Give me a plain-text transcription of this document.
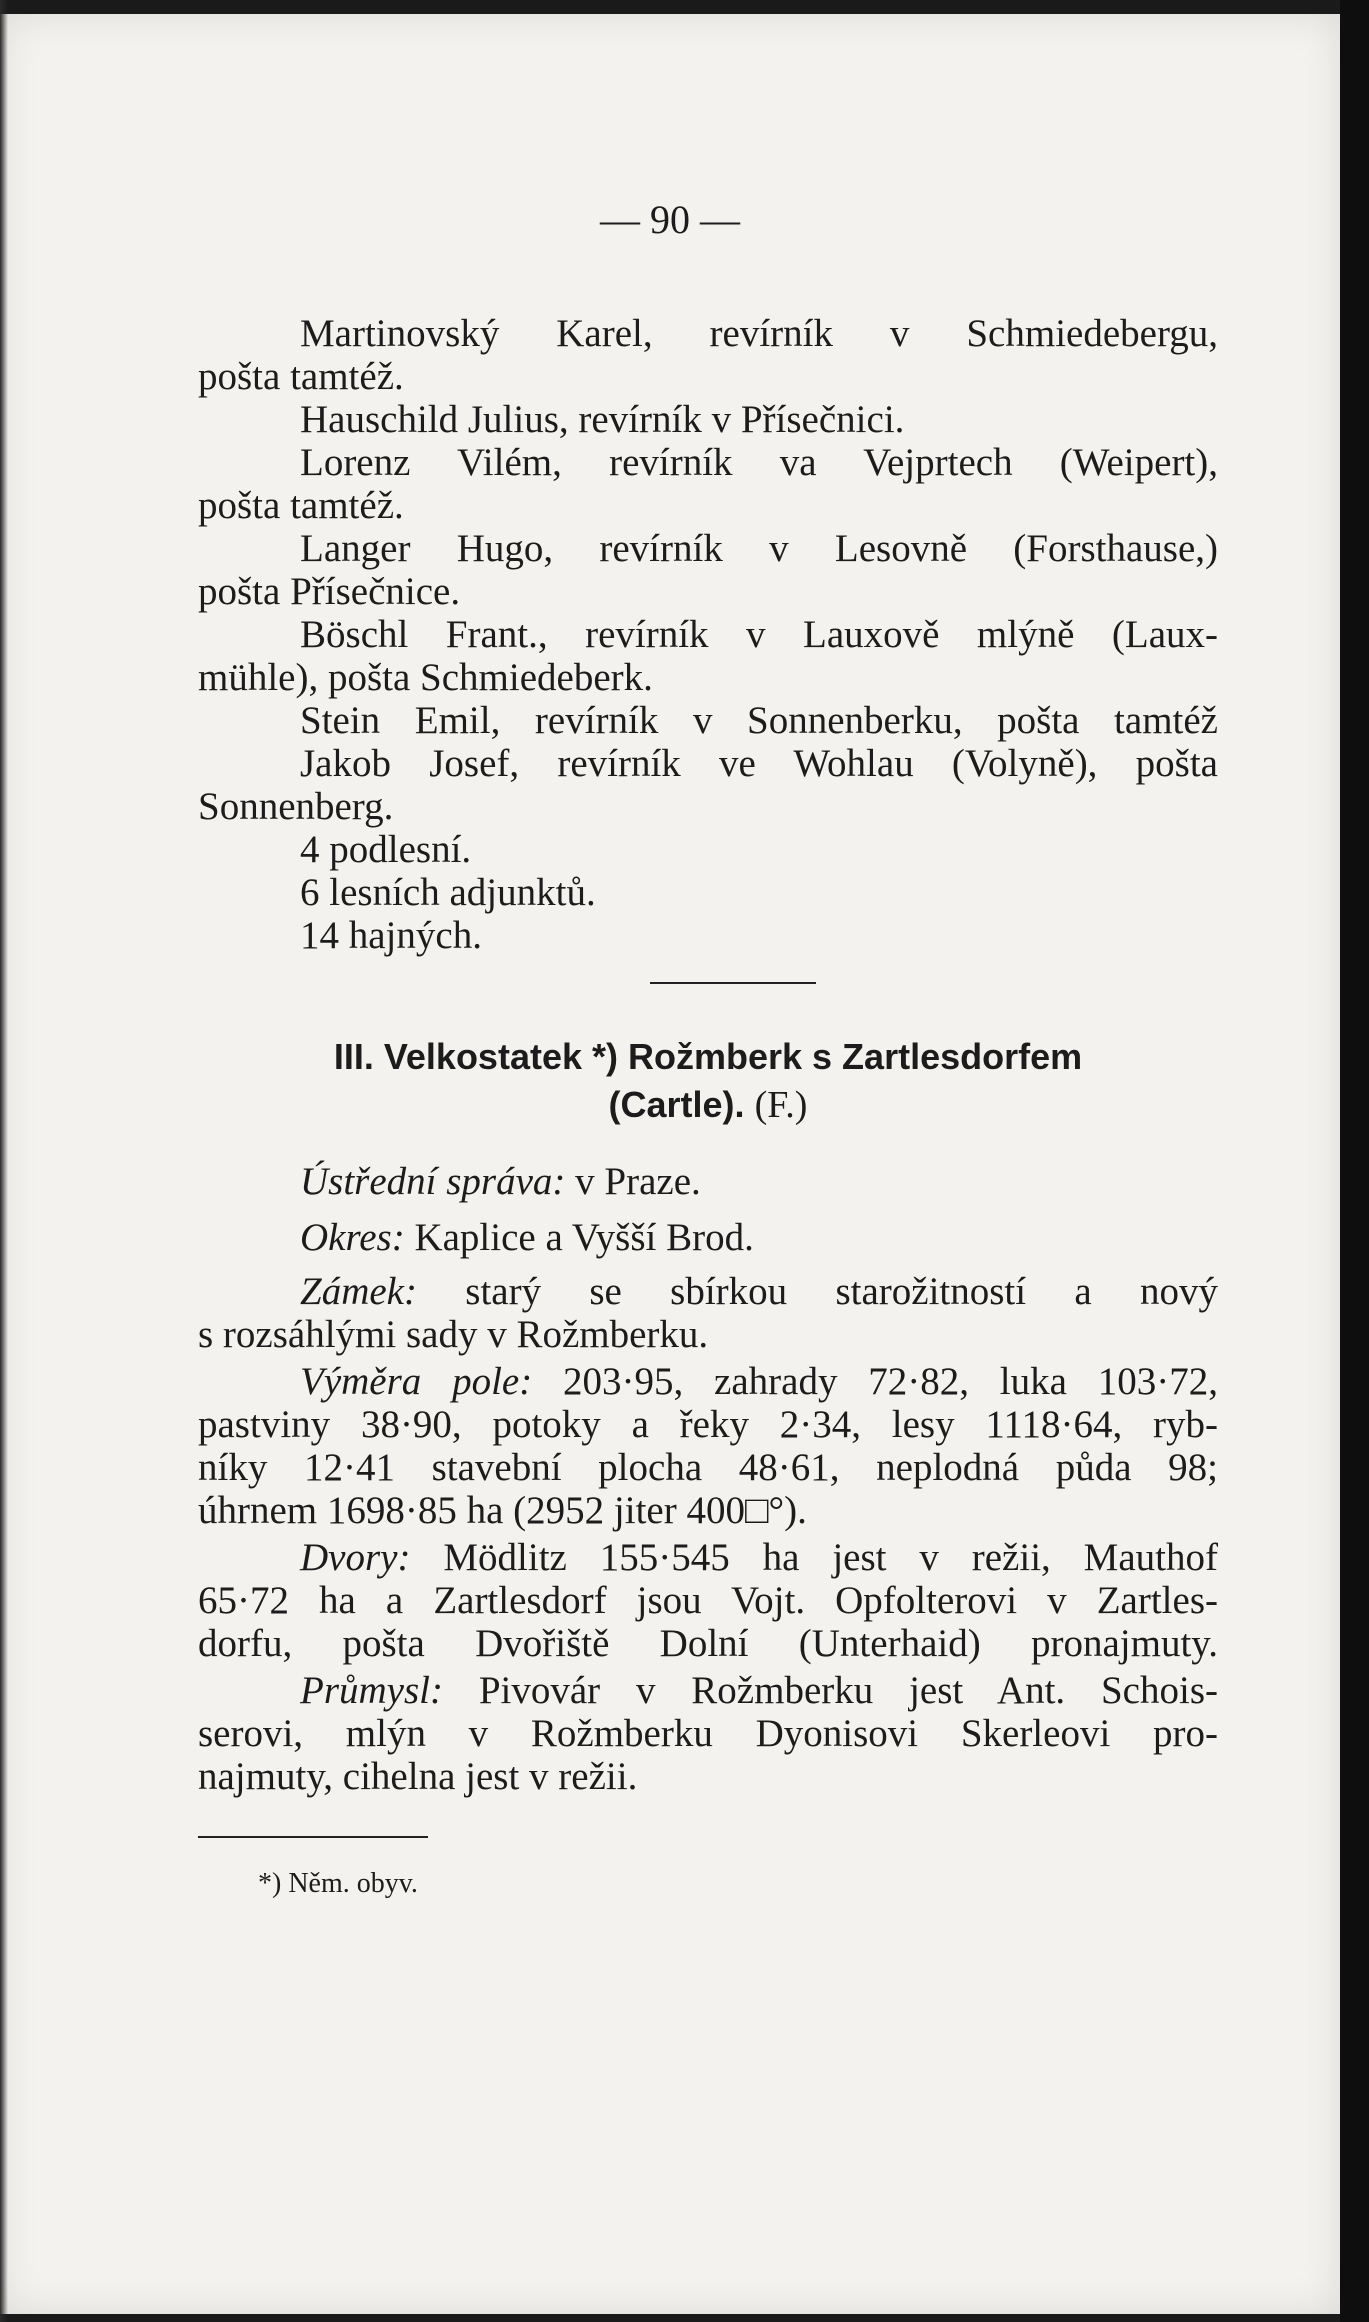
— 90 —
Martinovský Karel, revírník v Schmiedebergu,
pošta tamtéž.
Hauschild Julius, revírník v Přísečnici.
Lorenz Vilém, revírník va Vejprtech (Weipert),
pošta tamtéž.
Langer Hugo, revírník v Lesovně (Forsthause,)
pošta Přísečnice.
Böschl Frant., revírník v Lauxově mlýně (Laux-
mühle), pošta Schmiedeberk.
Stein Emil, revírník v Sonnenberku, pošta tamtéž
Jakob Josef, revírník ve Wohlau (Volyně), pošta
Sonnenberg.
4 podlesní.
6 lesních adjunktů.
14 hajných.
III. Velkostatek *) Rožmberk s Zartlesdorfem
(Cartle). (F.)
Ústřední správa: v Praze.
Okres: Kaplice a Vyšší Brod.
Zámek: starý se sbírkou starožitností a nový
s rozsáhlými sady v Rožmberku.
Výměra pole: 203·95, zahrady 72·82, luka 103·72,
pastviny 38·90, potoky a řeky 2·34, lesy 1118·64, ryb-
níky 12·41 stavební plocha 48·61, neplodná půda 98;
úhrnem 1698·85 ha (2952 jiter 400□°).
Dvory: Mödlitz 155·545 ha jest v režii, Mauthof
65·72 ha a Zartlesdorf jsou Vojt. Opfolterovi v Zartles-
dorfu, pošta Dvořiště Dolní (Unterhaid) pronajmuty.
Průmysl: Pivovár v Rožmberku jest Ant. Schois-
serovi, mlýn v Rožmberku Dyonisovi Skerleovi pro-
najmuty, cihelna jest v režii.
*) Něm. obyv.
